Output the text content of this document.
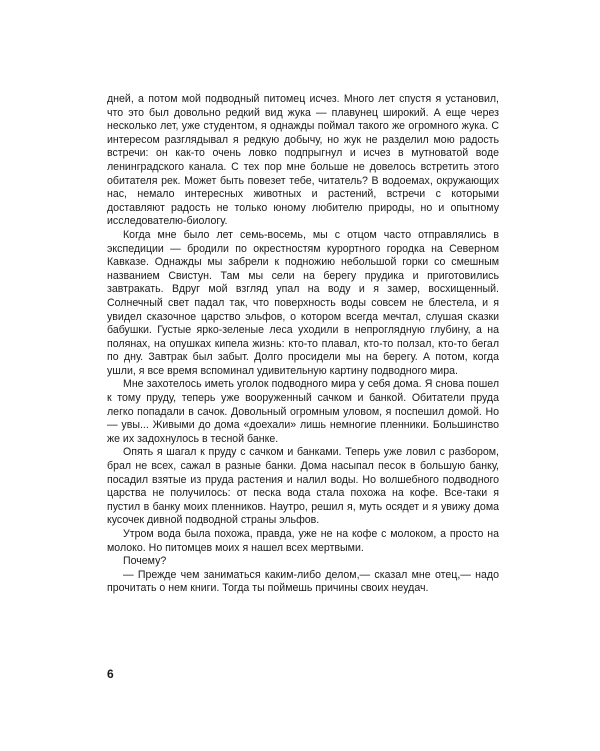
дней, а потом мой подводный питомец исчез. Много лет спустя я установил, что это был довольно редкий вид жука — плавунец широкий. А еще через несколько лет, уже студентом, я однажды поймал такого же огромного жука. С интересом разглядывал я редкую добычу, но жук не разделил мою радость встречи: он как-то очень ловко подпрыгнул и исчез в мутноватой воде ленинградского канала. С тех пор мне больше не довелось встретить этого обитателя рек. Может быть повезет тебе, читатель? В водоемах, окружающих нас, немало интересных животных и растений, встречи с которыми доставляют радость не только юному любителю природы, но и опытному исследователю-биологу.

Когда мне было лет семь-восемь, мы с отцом часто отправлялись в экспедиции — бродили по окрестностям курортного городка на Северном Кавказе. Однажды мы забрели к подножию небольшой горки со смешным названием Свистун. Там мы сели на берегу прудика и приготовились завтракать. Вдруг мой взгляд упал на воду и я замер, восхищенный. Солнечный свет падал так, что поверхность воды совсем не блестела, и я увидел сказочное царство эльфов, о котором всегда мечтал, слушая сказки бабушки. Густые ярко-зеленые леса уходили в непроглядную глубину, а на полянах, на опушках кипела жизнь: кто-то плавал, кто-то ползал, кто-то бегал по дну. Завтрак был забыт. Долго просидели мы на берегу. А потом, когда ушли, я все время вспоминал удивительную картину подводного мира.

Мне захотелось иметь уголок подводного мира у себя дома. Я снова пошел к тому пруду, теперь уже вооруженный сачком и банкой. Обитатели пруда легко попадали в сачок. Довольный огромным уловом, я поспешил домой. Но — увы... Живыми до дома «доехали» лишь немногие пленники. Большинство же их задохнулось в тесной банке.

Опять я шагал к пруду с сачком и банками. Теперь уже ловил с разбором, брал не всех, сажал в разные банки. Дома насыпал песок в большую банку, посадил взятые из пруда растения и налил воды. Но волшебного подводного царства не получилось: от песка вода стала похожа на кофе. Все-таки я пустил в банку моих пленников. Наутро, решил я, муть осядет и я увижу дома кусочек дивной подводной страны эльфов.

Утром вода была похожа, правда, уже не на кофе с молоком, а просто на молоко. Но питомцев моих я нашел всех мертвыми.

Почему?

— Прежде чем заниматься каким-либо делом,— сказал мне отец,— надо прочитать о нем книги. Тогда ты поймешь причины своих неудач.

6
